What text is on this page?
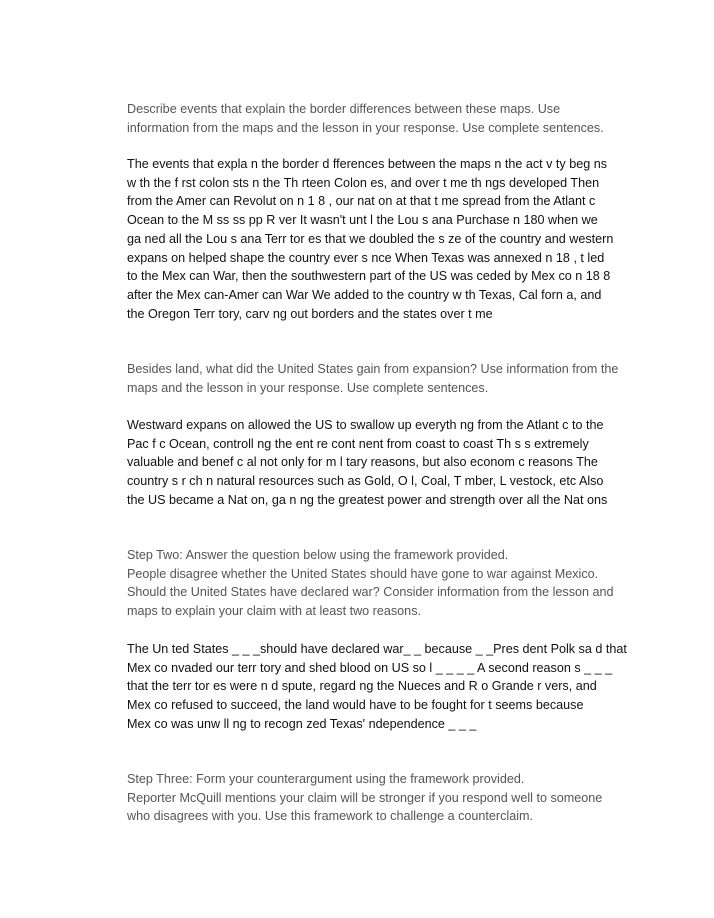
Describe events that explain the border differences between these maps. Use
information from the maps and the lesson in your response. Use complete sentences.
The events that expla n the border d fferences between the maps n the act v ty beg ns
w th the f rst colon sts n the Th rteen Colon es, and over t me th ngs developed Then
from the Amer can Revolut on n 1 8 , our nat on at that t me spread from the Atlant c
Ocean to the M ss ss pp R ver It wasn't unt l the Lou s ana Purchase n 180 when we
ga ned all the Lou s ana Terr tor es that we doubled the s ze of the country and western
expans on helped shape the country ever s nce When Texas was annexed n 18 , t led
to the Mex can War, then the southwestern part of the US was ceded by Mex co n 18 8
after the Mex can-Amer can War We added to the country w th Texas, Cal forn a, and
the Oregon Terr tory, carv ng out borders and the states over t me
Besides land, what did the United States gain from expansion? Use information from the
maps and the lesson in your response. Use complete sentences.
Westward expans on allowed the US to swallow up everyth ng from the Atlant c to the
Pac f c Ocean, controll ng the ent re cont nent from coast to coast Th s s extremely
valuable and benef c al not only for m l tary reasons, but also econom c reasons The
country s r ch n natural resources such as Gold, O l, Coal, T mber, L vestock, etc Also
the US became a Nat on, ga n ng the greatest power and strength over all the Nat ons
Step Two: Answer the question below using the framework provided.
People disagree whether the United States should have gone to war against Mexico.
Should the United States have declared war? Consider information from the lesson and
maps to explain your claim with at least two reasons.
The Un ted States _ _ _should have declared war_ _ because _ _Pres dent Polk sa d that
Mex co nvaded our terr tory and shed blood on US so l _ _ _ _ A second reason s _ _ _
that the terr tor es were n d spute, regard ng the Nueces and R o Grande r vers, and
Mex co refused to succeed, the land would have to be fought for t seems because
Mex co was unw ll ng to recogn zed Texas' ndependence _ _ _
Step Three: Form your counterargument using the framework provided.
Reporter McQuill mentions your claim will be stronger if you respond well to someone
who disagrees with you. Use this framework to challenge a counterclaim.
